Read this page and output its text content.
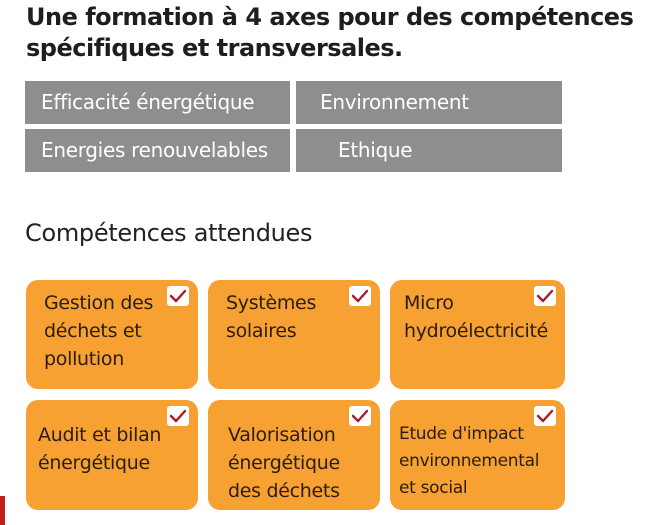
Une formation à 4 axes pour des compétences spécifiques et transversales.
Efficacité énergétique	Environnement
Energies renouvelables	Ethique
Compétences attendues
Gestion des déchets et pollution
Systèmes solaires
Micro hydroélectricité
Audit et bilan énergétique
Valorisation énergétique des déchets
Etude d'impact environnemental et social
